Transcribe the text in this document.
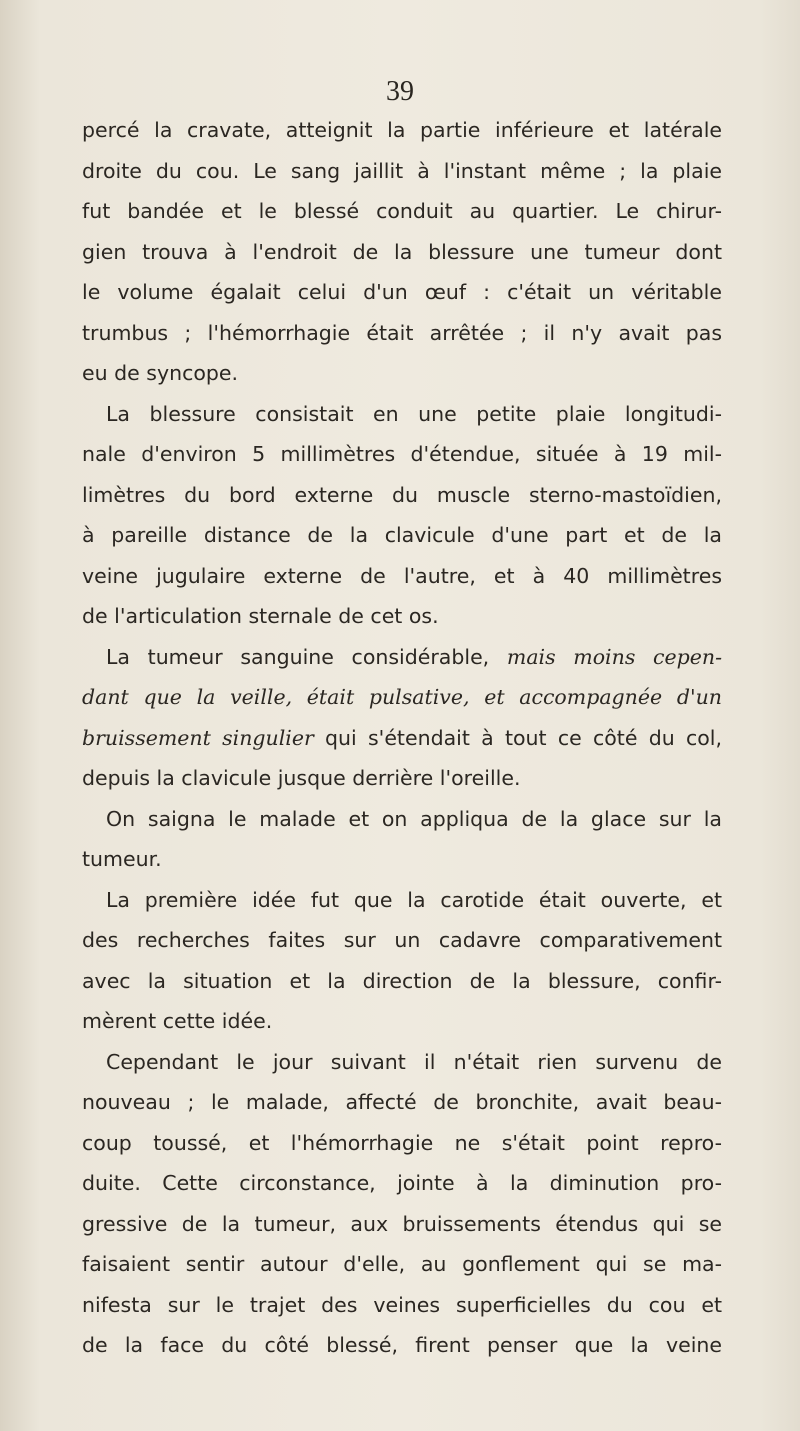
39

percé la cravate, atteignit la partie inférieure et latérale
droite du cou. Le sang jaillit à l'instant même ; la plaie
fut bandée et le blessé conduit au quartier. Le chirur-
gien trouva à l'endroit de la blessure une tumeur dont
le volume égalait celui d'un œuf : c'était un véritable
trumbus ; l'hémorrhagie était arrêtée ; il n'y avait pas
eu de syncope.

La blessure consistait en une petite plaie longitudi-
nale d'environ 5 millimètres d'étendue, située à 19 mil-
limètres du bord externe du muscle sterno-mastoïdien,
à pareille distance de la clavicule d'une part et de la
veine jugulaire externe de l'autre, et à 40 millimètres
de l'articulation sternale de cet os.

La tumeur sanguine considérable, mais moins cepen-
dant que la veille, était pulsative, et accompagnée d'un
bruissement singulier qui s'étendait à tout ce côté du col,
depuis la clavicule jusque derrière l'oreille.

On saigna le malade et on appliqua de la glace sur la
tumeur.

La première idée fut que la carotide était ouverte, et
des recherches faites sur un cadavre comparativement
avec la situation et la direction de la blessure, confir-
mèrent cette idée.

Cependant le jour suivant il n'était rien survenu de
nouveau ; le malade, affecté de bronchite, avait beau-
coup toussé, et l'hémorrhagie ne s'était point repro-
duite. Cette circonstance, jointe à la diminution pro-
gressive de la tumeur, aux bruissements étendus qui se
faisaient sentir autour d'elle, au gonflement qui se ma-
nifesta sur le trajet des veines superficielles du cou et
de la face du côté blessé, firent penser que la veine
